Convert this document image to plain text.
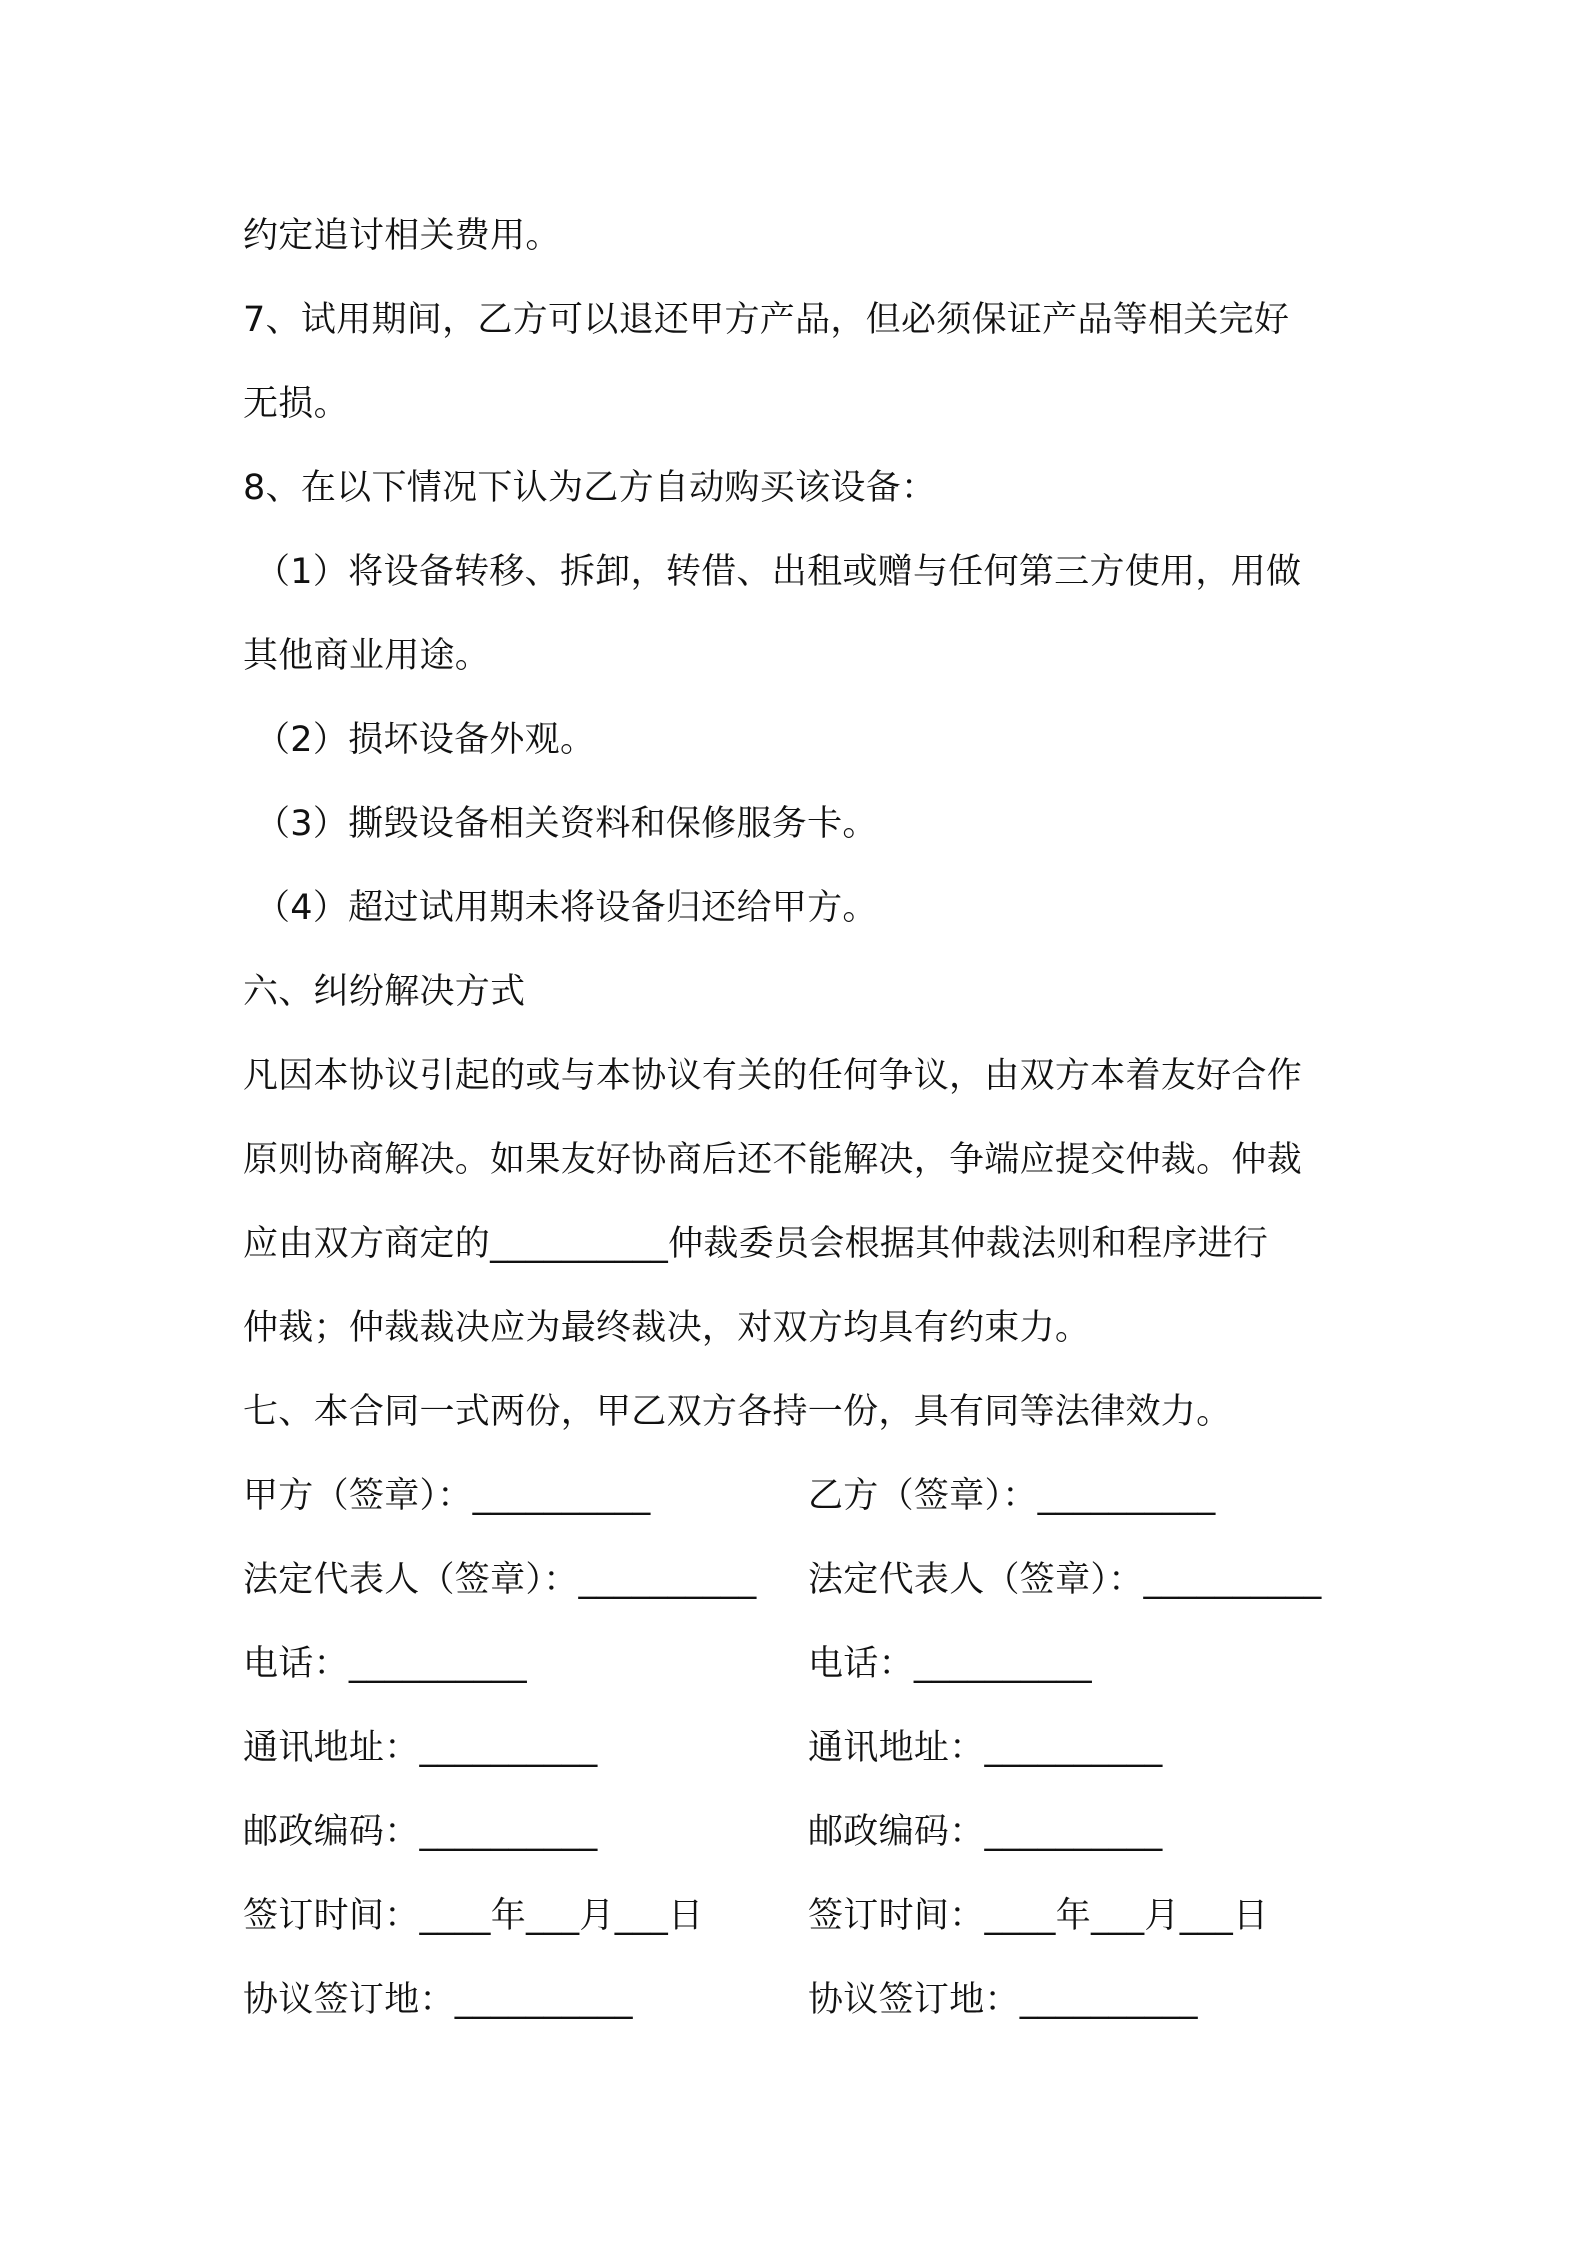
约定追讨相关费用。

7、试用期间，乙方可以退还甲方产品，但必须保证产品等相关完好

无损。

8、在以下情况下认为乙方自动购买该设备：

（1）将设备转移、拆卸，转借、出租或赠与任何第三方使用，用做

其他商业用途。

（2）损坏设备外观。

（3）撕毁设备相关资料和保修服务卡。

（4）超过试用期未将设备归还给甲方。

六、纠纷解决方式

凡因本协议引起的或与本协议有关的任何争议，由双方本着友好合作

原则协商解决。如果友好协商后还不能解决，争端应提交仲裁。仲裁

应由双方商定的__________仲裁委员会根据其仲裁法则和程序进行

仲裁；仲裁裁决应为最终裁决，对双方均具有约束力。

七、本合同一式两份，甲乙双方各持一份，具有同等法律效力。

甲方（签章）：__________	乙方（签章）：__________
法定代表人（签章）：__________	法定代表人（签章）：__________
电话：__________	电话：__________
通讯地址：__________	通讯地址：__________
邮政编码：__________	邮政编码：__________
签订时间：____年___月___日	签订时间：____年___月___日
协议签订地：__________	协议签订地：__________
